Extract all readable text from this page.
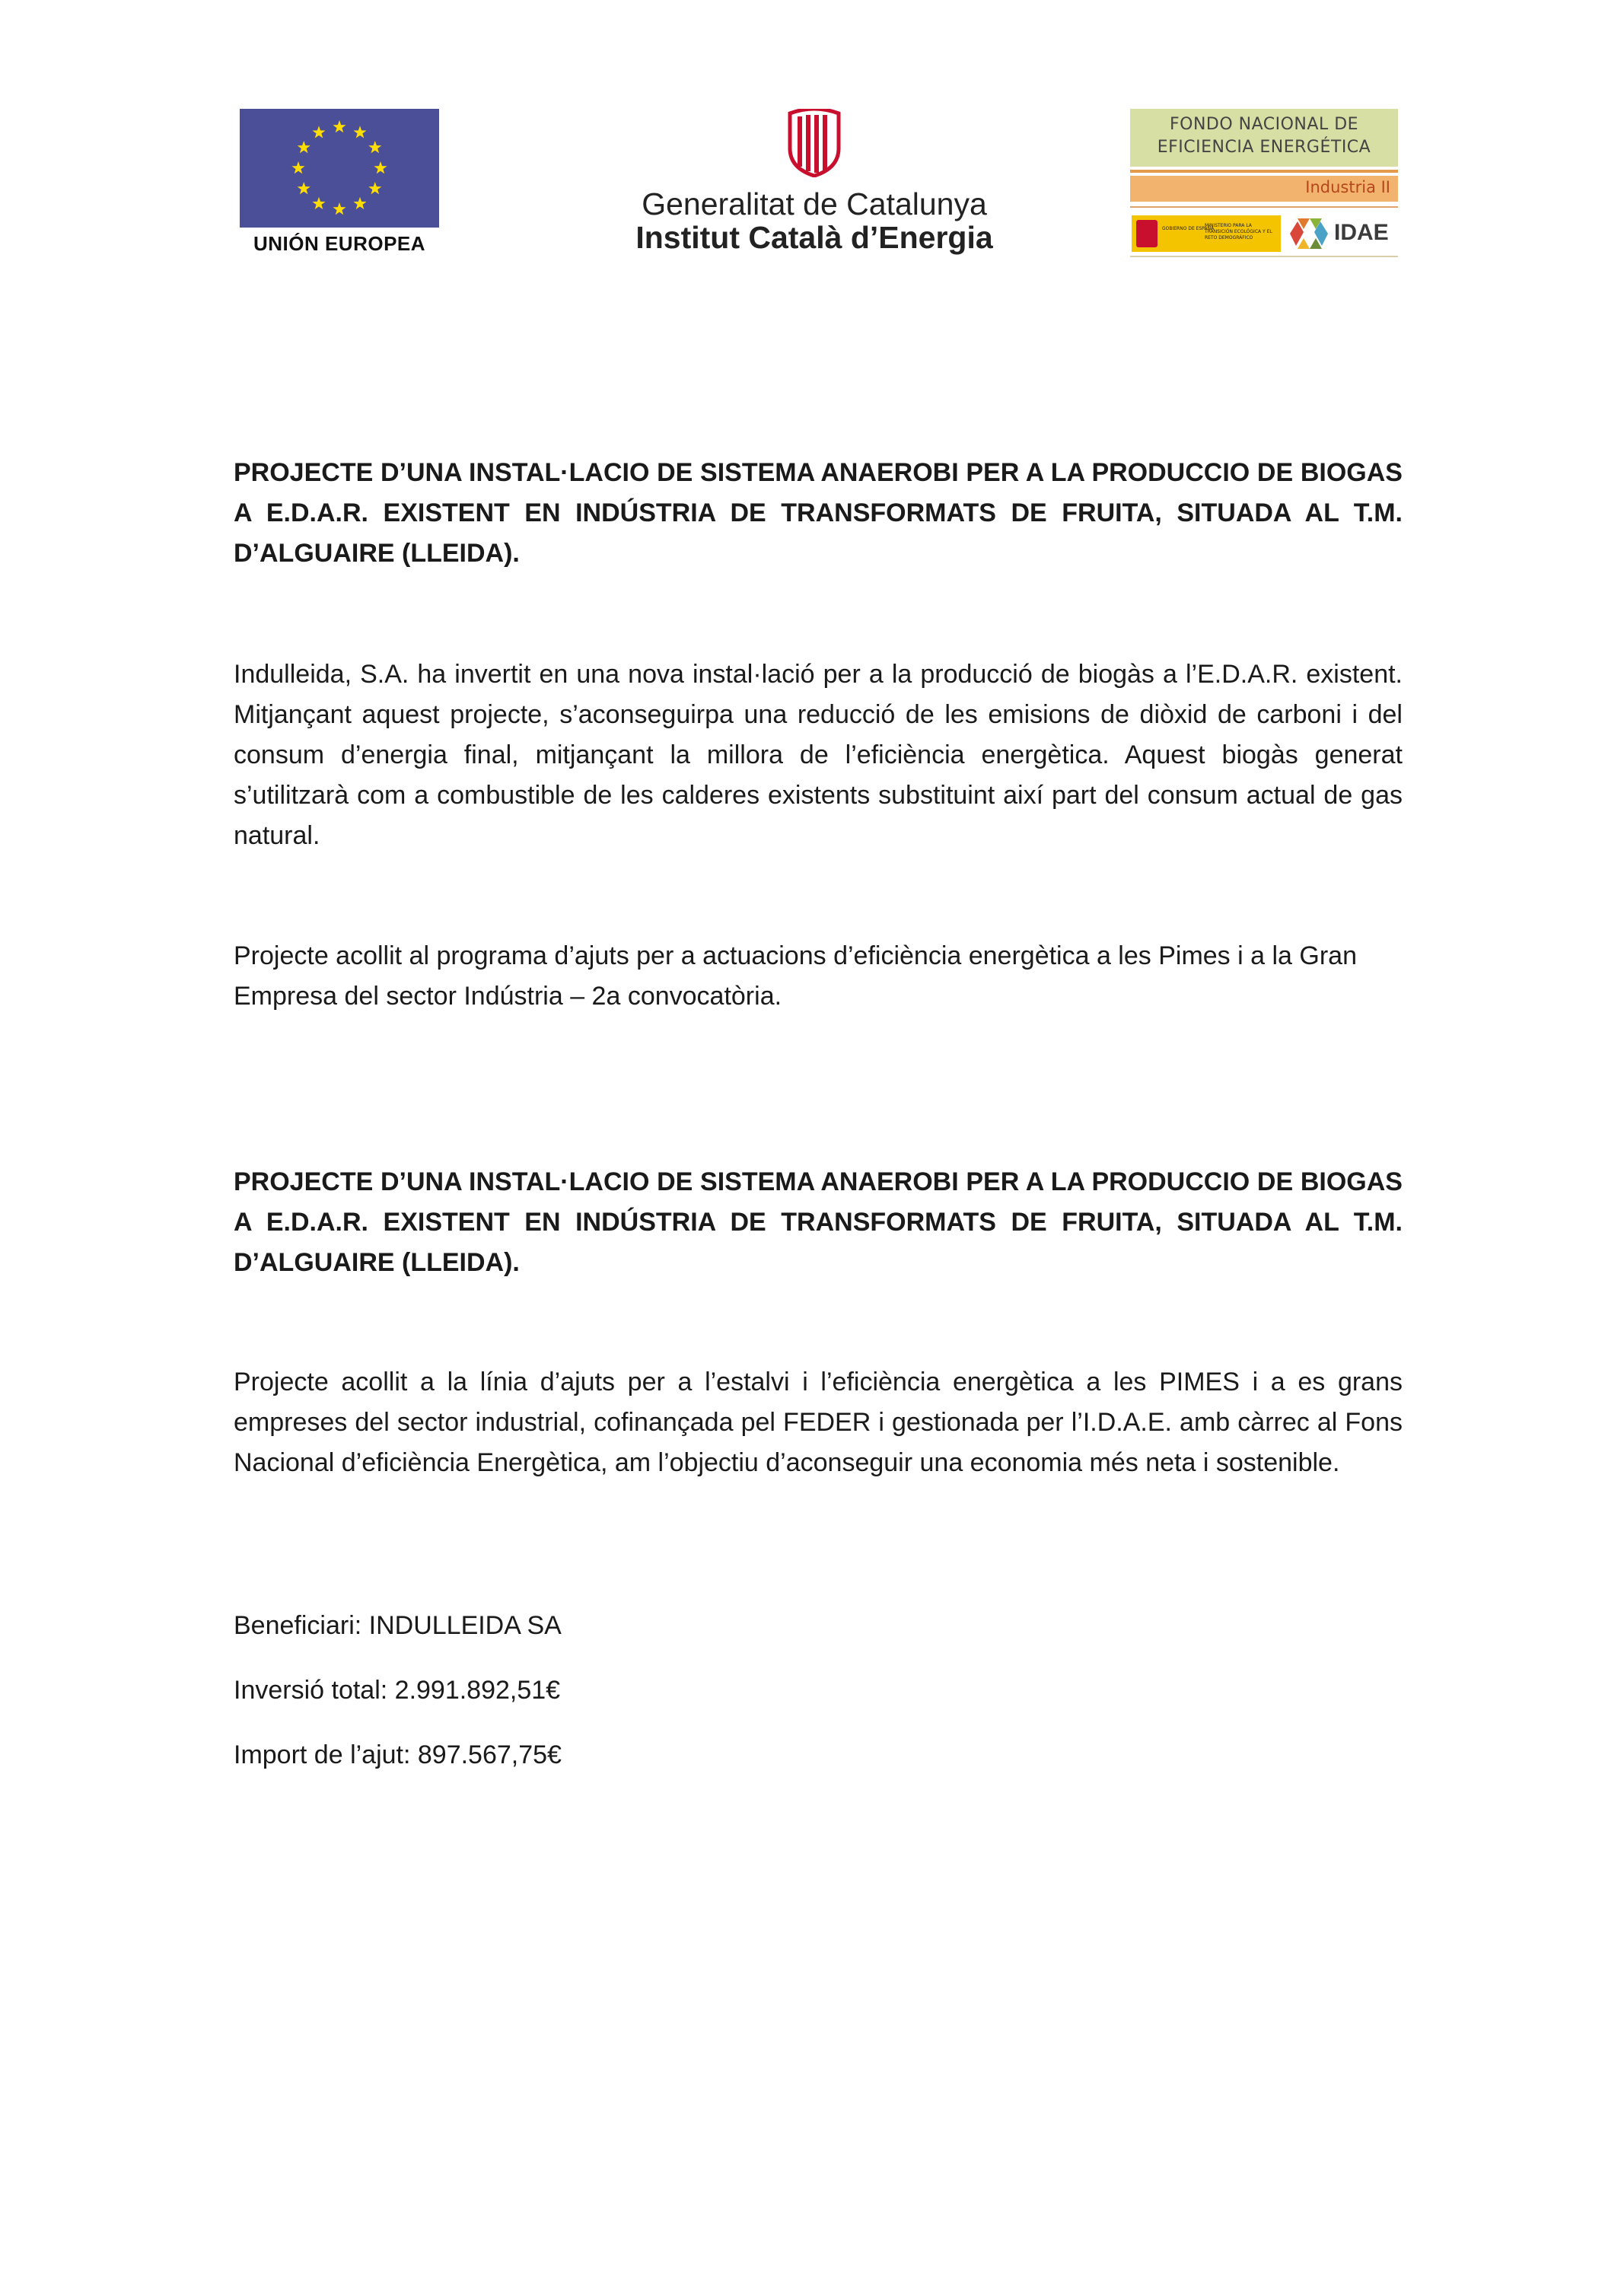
UNIÓN EUROPEA
Generalitat de Catalunya
Institut Català d’Energia
FONDO NACIONAL DE
EFICIENCIA ENERGÉTICA
Industria II
GOBIERNO DE ESPAÑA
MINISTERIO PARA LA TRANSICIÓN ECOLÓGICA Y EL RETO DEMOGRÁFICO	IDAE

PROJECTE D’UNA INSTAL·LACIO DE SISTEMA ANAEROBI PER A LA PRODUCCIO DE BIOGAS A E.D.A.R. EXISTENT EN INDÚSTRIA DE TRANSFORMATS DE FRUITA, SITUADA AL T.M. D’ALGUAIRE (LLEIDA).

Indulleida, S.A. ha invertit en una nova instal·lació per a la producció de biogàs a l’E.D.A.R. existent. Mitjançant aquest projecte, s’aconseguirpa una reducció de les emisions de diòxid de carboni i del consum d’energia final, mitjançant la millora de l’eficiència energètica. Aquest biogàs generat s’utilitzarà com a combustible de les calderes existents substituint així part del consum actual de gas natural.

Projecte acollit al programa d’ajuts per a actuacions d’eficiència energètica a les Pimes i a la Gran Empresa del sector Indústria – 2a convocatòria.

PROJECTE D’UNA INSTAL·LACIO DE SISTEMA ANAEROBI PER A LA PRODUCCIO DE BIOGAS A E.D.A.R. EXISTENT EN INDÚSTRIA DE TRANSFORMATS DE FRUITA, SITUADA AL T.M. D’ALGUAIRE (LLEIDA).

Projecte acollit a la línia d’ajuts per a l’estalvi i l’eficiència energètica a les PIMES i a es grans empreses del sector industrial, cofinançada pel FEDER i gestionada per l’I.D.A.E. amb càrrec al Fons Nacional d’eficiència Energètica, am l’objectiu d’aconseguir una economia més neta i sostenible.

Beneficiari: INDULLEIDA SA

Inversió total: 2.991.892,51€

Import de l’ajut: 897.567,75€
